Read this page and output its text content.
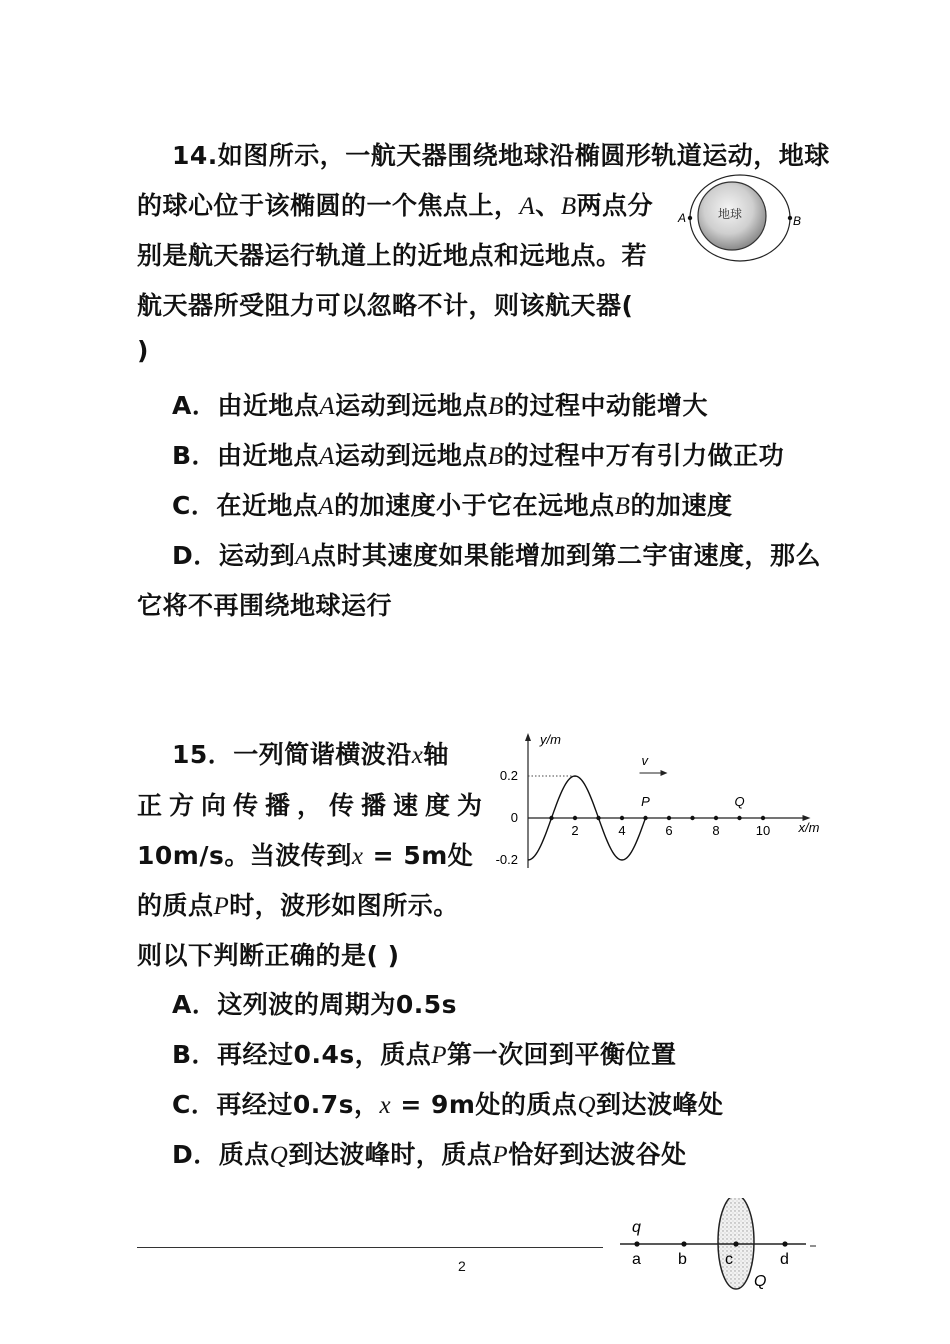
14.如图所示，一航天器围绕地球沿椭圆形轨道运动，地球
的球心位于该椭圆的一个焦点上，A、B两点分
别是航天器运行轨道上的近地点和远地点。若
航天器所受阻力可以忽略不计，则该航天器(
)
地球
A	B
A．由近地点A运动到远地点B的过程中动能增大
B．由近地点A运动到远地点B的过程中万有引力做正功
C．在近地点A的加速度小于它在远地点B的加速度
D．运动到A点时其速度如果能增加到第二宇宙速度，那么
它将不再围绕地球运行
15．一列简谐横波沿x轴
正方向传播，传播速度为
10m/s。当波传到x = 5m处
的质点P时，波形如图所示。
则以下判断正确的是( )
y/m
x/m
0.2
0
-0.2
2	4	6	8	10
P	Q
v
A．这列波的周期为0.5s
B．再经过0.4s，质点P第一次回到平衡位置
C．再经过0.7s，x = 9m处的质点Q到达波峰处
D．质点Q到达波峰时，质点P恰好到达波谷处
2
q
a b c	d
Q
